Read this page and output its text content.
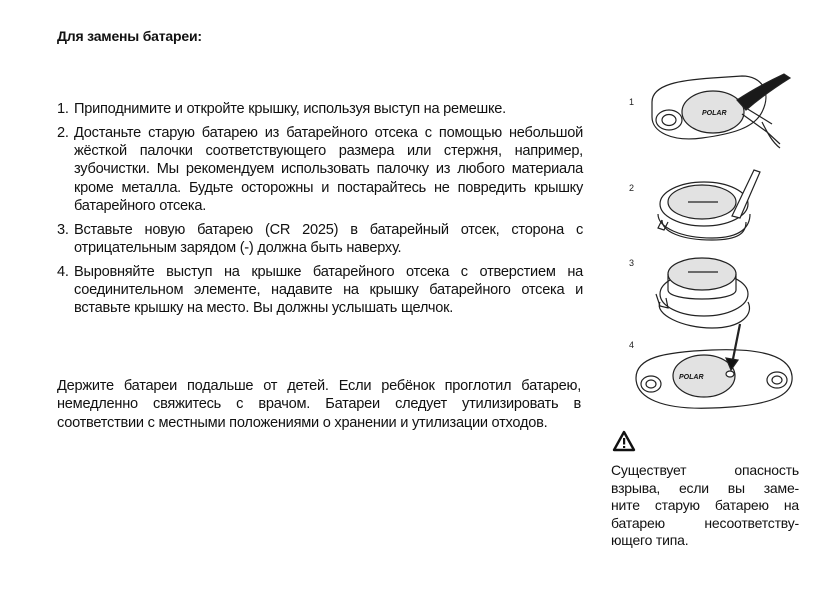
Для замены батареи:
1. Приподнимите и откройте крышку, используя выступ на ремешке.
2. Достаньте старую батарею из батарейного отсека с помощью небольшой жёсткой палочки соответствующего размера или стержня, например, зубочистки. Мы рекомендуем использовать палочку из любого материала кроме металла. Будьте осторожны и постарайтесь не повредить крышку батарейного отсека.
3. Вставьте новую батарею (CR 2025) в батарейный отсек, сторона с отрицательным зарядом (-) должна быть наверху.
4. Выровняйте выступ на крышке батарейного отсека с отверстием на соединительном элементе, надавите на крышку батарейного отсека и вставьте крышку на место. Вы должны услышать щелчок.
Держите батареи подальше от детей. Если ребёнок проглотил батарею, немедленно свяжитесь с врачом. Батареи следует утилизировать в соответствии с местными положениями о хранении и утилизации отходов.
1
2
3
4
POLAR
POLAR
Существует опасность
взрыва, если вы заме-
ните старую батарею на
батарею несоответству-
ющего типа.
